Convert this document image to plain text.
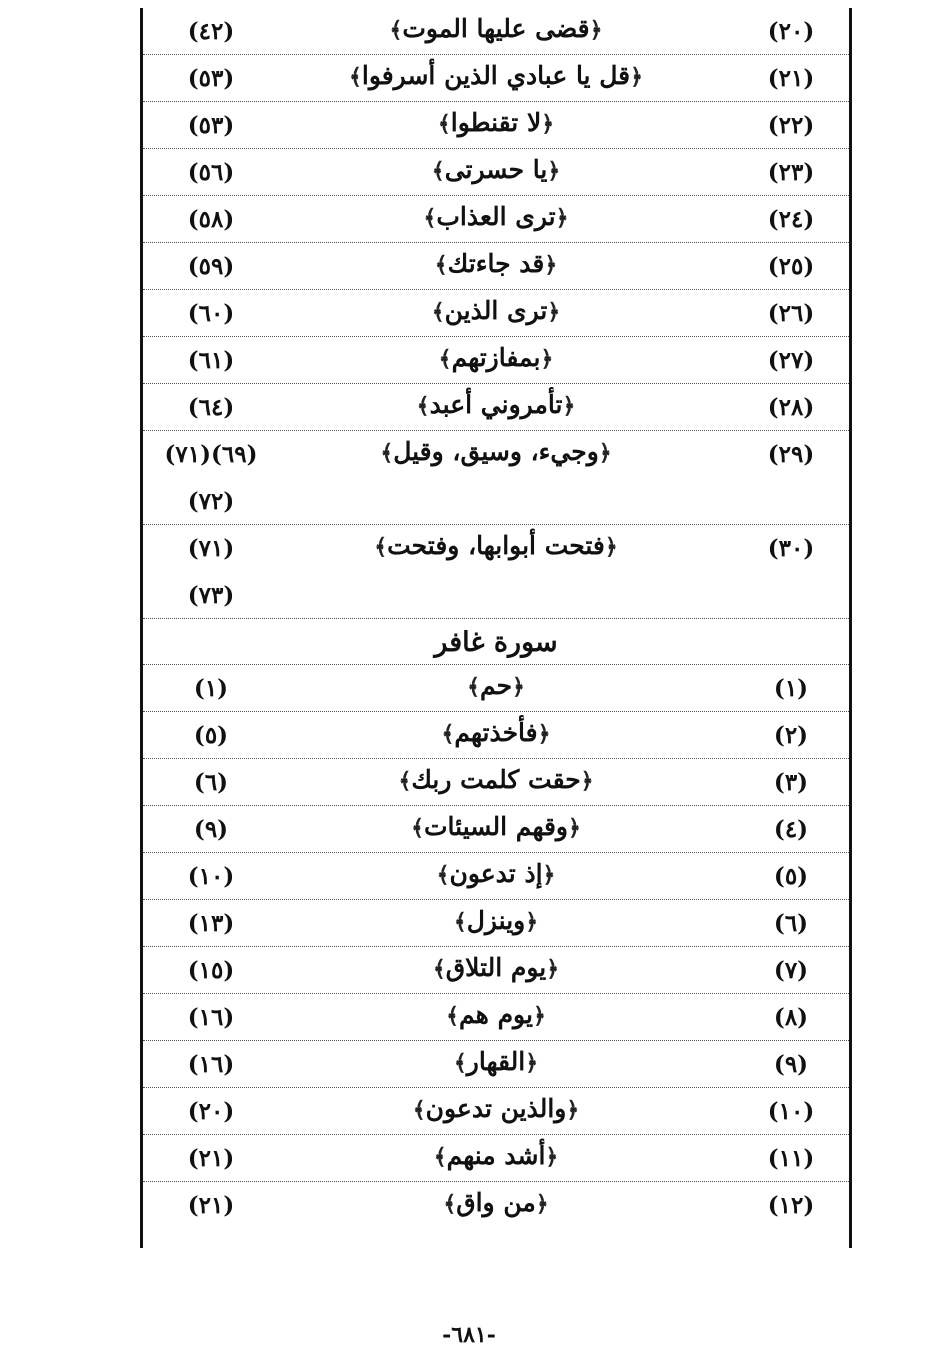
(٢٠)
﴿قضى عليها الموت﴾
(٤٢)
(٢١)
﴿قل يا عبادي الذين أسرفوا﴾
(٥٣)
(٢٢)
﴿لا تقنطوا﴾
(٥٣)
(٢٣)
﴿يا حسرتى﴾
(٥٦)
(٢٤)
﴿ترى العذاب﴾
(٥٨)
(٢٥)
﴿قد جاءتك﴾
(٥٩)
(٢٦)
﴿ترى الذين﴾
(٦٠)
(٢٧)
﴿بمفازتهم﴾
(٦١)
(٢٨)
﴿تأمروني أعبد﴾
(٦٤)
(٢٩)
﴿وجيء، وسيق، وقيل﴾
(٦٩)(٧١)
(٧٢)
(٣٠)
﴿فتحت أبوابها، وفتحت﴾
(٧١)
(٧٣)
سورة غافر
(١)
﴿حم﴾
(١)
(٢)
﴿فأخذتهم﴾
(٥)
(٣)
﴿حقت كلمت ربك﴾
(٦)
(٤)
﴿وقهم السيئات﴾
(٩)
(٥)
﴿إذ تدعون﴾
(١٠)
(٦)
﴿وينزل﴾
(١٣)
(٧)
﴿يوم التلاق﴾
(١٥)
(٨)
﴿يوم هم﴾
(١٦)
(٩)
﴿القهار﴾
(١٦)
(١٠)
﴿والذين تدعون﴾
(٢٠)
(١١)
﴿أشد منهم﴾
(٢١)
(١٢)
﴿من واق﴾
(٢١)
-٦٨١-
